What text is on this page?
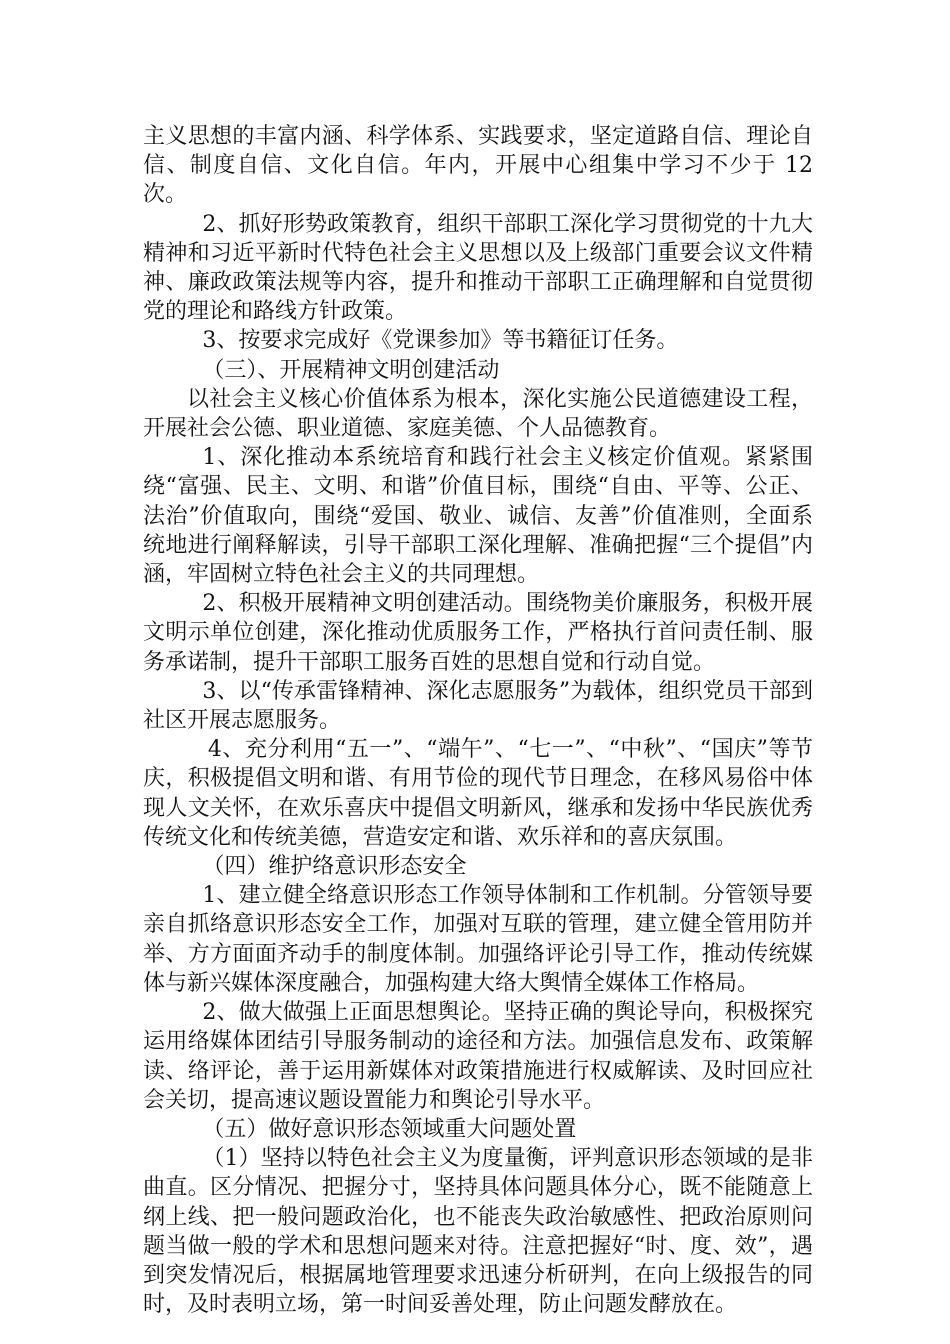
主义思想的丰富内涵、科学体系、实践要求，坚定道路自信、理论自信、制度自信、文化自信。年内，开展中心组集中学习不少于 12 次。

2、抓好形势政策教育，组织干部职工深化学习贯彻党的十九大精神和习近平新时代特色社会主义思想以及上级部门重要会议文件精神、廉政政策法规等内容，提升和推动干部职工正确理解和自觉贯彻党的理论和路线方针政策。

3、按要求完成好《党课参加》等书籍征订任务。

（三）、开展精神文明创建活动

以社会主义核心价值体系为根本，深化实施公民道德建设工程，开展社会公德、职业道德、家庭美德、个人品德教育。

1、深化推动本系统培育和践行社会主义核定价值观。紧紧围绕“富强、民主、文明、和谐”价值目标，围绕“自由、平等、公正、法治”价值取向，围绕“爱国、敬业、诚信、友善”价值准则，全面系统地进行阐释解读，引导干部职工深化理解、准确把握“三个提倡”内涵，牢固树立特色社会主义的共同理想。

2、积极开展精神文明创建活动。围绕物美价廉服务，积极开展文明示单位创建，深化推动优质服务工作，严格执行首问责任制、服务承诺制，提升干部职工服务百姓的思想自觉和行动自觉。

3、以“传承雷锋精神、深化志愿服务”为载体，组织党员干部到社区开展志愿服务。

4、充分利用“五一”、“端午”、“七一”、“中秋”、“国庆”等节庆，积极提倡文明和谐、有用节俭的现代节日理念，在移风易俗中体现人文关怀，在欢乐喜庆中提倡文明新风，继承和发扬中华民族优秀传统文化和传统美德，营造安定和谐、欢乐祥和的喜庆氛围。

（四）维护络意识形态安全

1、建立健全络意识形态工作领导体制和工作机制。分管领导要亲自抓络意识形态安全工作，加强对互联的管理，建立健全管用防并举、方方面面齐动手的制度体制。加强络评论引导工作，推动传统媒体与新兴媒体深度融合，加强构建大络大舆情全媒体工作格局。

2、做大做强上正面思想舆论。坚持正确的舆论导向，积极探究运用络媒体团结引导服务制动的途径和方法。加强信息发布、政策解读、络评论，善于运用新媒体对政策措施进行权威解读、及时回应社会关切，提高速议题设置能力和舆论引导水平。

（五）做好意识形态领域重大问题处置

（1）坚持以特色社会主义为度量衡，评判意识形态领域的是非曲直。区分情况、把握分寸，坚持具体问题具体分心，既不能随意上纲上线、把一般问题政治化，也不能丧失政治敏感性、把政治原则问题当做一般的学术和思想问题来对待。注意把握好“时、度、效”，遇到突发情况后，根据属地管理要求迅速分析研判，在向上级报告的同时，及时表明立场，第一时间妥善处理，防止问题发酵放在。
